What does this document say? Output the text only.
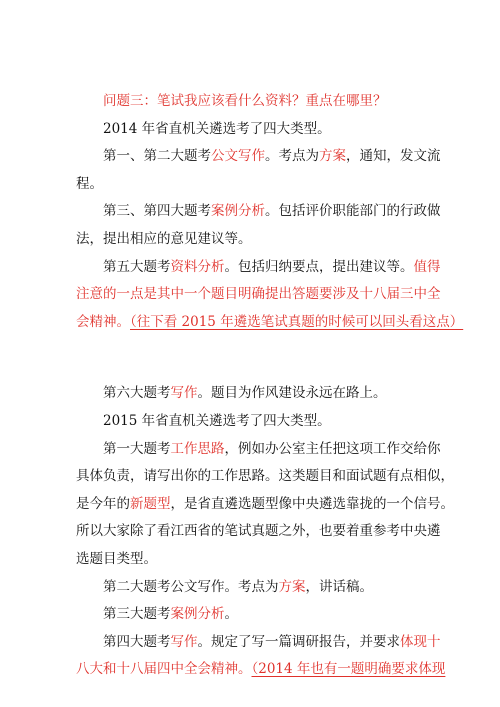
问题三：笔试我应该看什么资料？重点在哪里？
2014 年省直机关遴选考了四大类型。
第一、第二大题考公文写作。考点为方案，通知，发文流
程。
第三、第四大题考案例分析。包括评价职能部门的行政做
法，提出相应的意见建议等。
第五大题考资料分析。包括归纳要点，提出建议等。值得
注意的一点是其中一个题目明确提出答题要涉及十八届三中全
会精神。（往下看 2015 年遴选笔试真题的时候可以回头看这点）
第六大题考写作。题目为作风建设永远在路上。
2015 年省直机关遴选考了四大类型。
第一大题考工作思路，例如办公室主任把这项工作交给你
具体负责，请写出你的工作思路。这类题目和面试题有点相似，
是今年的新题型，是省直遴选题型像中央遴选靠拢的一个信号。
所以大家除了看江西省的笔试真题之外，也要着重参考中央遴
选题目类型。
第二大题考公文写作。考点为方案，讲话稿。
第三大题考案例分析。
第四大题考写作。规定了写一篇调研报告，并要求体现十
八大和十八届四中全会精神。（2014 年也有一题明确要求体现
